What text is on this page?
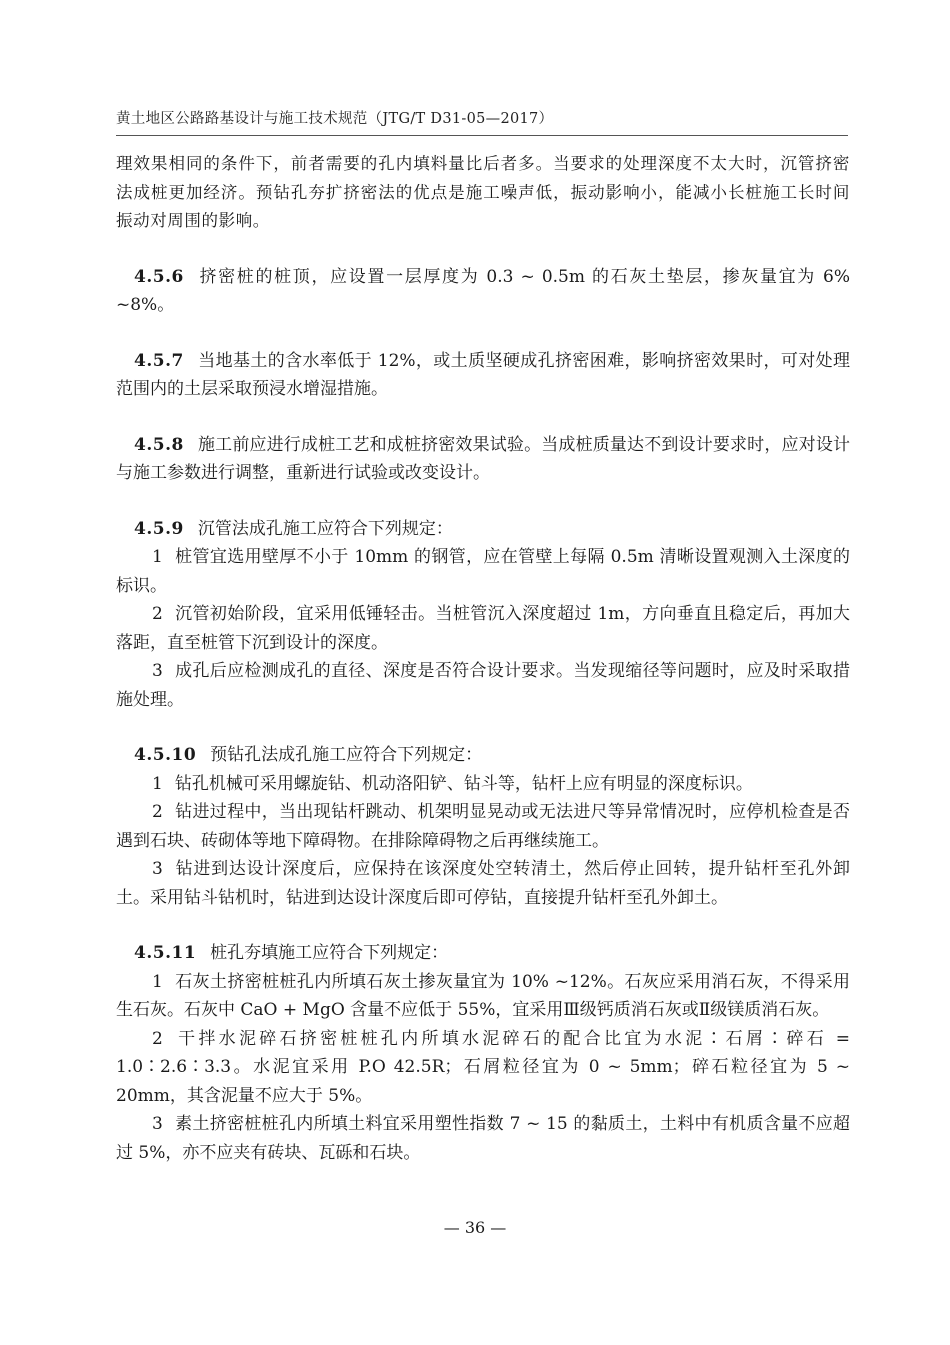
黄土地区公路路基设计与施工技术规范（JTG/T D31-05—2017）

理效果相同的条件下，前者需要的孔内填料量比后者多。当要求的处理深度不太大时，沉管挤密法成桩更加经济。预钻孔夯扩挤密法的优点是施工噪声低，振动影响小，能减小长桩施工长时间振动对周围的影响。

4.5.6 挤密桩的桩顶，应设置一层厚度为 0.3 ~ 0.5m 的石灰土垫层，掺灰量宜为 6% ~8%。

4.5.7 当地基土的含水率低于 12%，或土质坚硬成孔挤密困难，影响挤密效果时，可对处理范围内的土层采取预浸水增湿措施。

4.5.8 施工前应进行成桩工艺和成桩挤密效果试验。当成桩质量达不到设计要求时，应对设计与施工参数进行调整，重新进行试验或改变设计。

4.5.9 沉管法成孔施工应符合下列规定：

1 桩管宜选用壁厚不小于 10mm 的钢管，应在管壁上每隔 0.5m 清晰设置观测入土深度的标识。

2 沉管初始阶段，宜采用低锤轻击。当桩管沉入深度超过 1m，方向垂直且稳定后，再加大落距，直至桩管下沉到设计的深度。

3 成孔后应检测成孔的直径、深度是否符合设计要求。当发现缩径等问题时，应及时采取措施处理。

4.5.10 预钻孔法成孔施工应符合下列规定：

1 钻孔机械可采用螺旋钻、机动洛阳铲、钻斗等，钻杆上应有明显的深度标识。

2 钻进过程中，当出现钻杆跳动、机架明显晃动或无法进尺等异常情况时，应停机检查是否遇到石块、砖砌体等地下障碍物。在排除障碍物之后再继续施工。

3 钻进到达设计深度后，应保持在该深度处空转清土，然后停止回转，提升钻杆至孔外卸土。采用钻斗钻机时，钻进到达设计深度后即可停钻，直接提升钻杆至孔外卸土。

4.5.11 桩孔夯填施工应符合下列规定：

1 石灰土挤密桩桩孔内所填石灰土掺灰量宜为 10% ~12%。石灰应采用消石灰，不得采用生石灰。石灰中 CaO + MgO 含量不应低于 55%，宜采用Ⅲ级钙质消石灰或Ⅱ级镁质消石灰。

2 干拌水泥碎石挤密桩桩孔内所填水泥碎石的配合比宜为水泥∶石屑∶碎石 = 1.0∶2.6∶3.3。水泥宜采用 P.O 42.5R；石屑粒径宜为 0 ~ 5mm；碎石粒径宜为 5 ~ 20mm，其含泥量不应大于 5%。

3 素土挤密桩桩孔内所填土料宜采用塑性指数 7 ~ 15 的黏质土，土料中有机质含量不应超过 5%，亦不应夹有砖块、瓦砾和石块。

— 36 —
